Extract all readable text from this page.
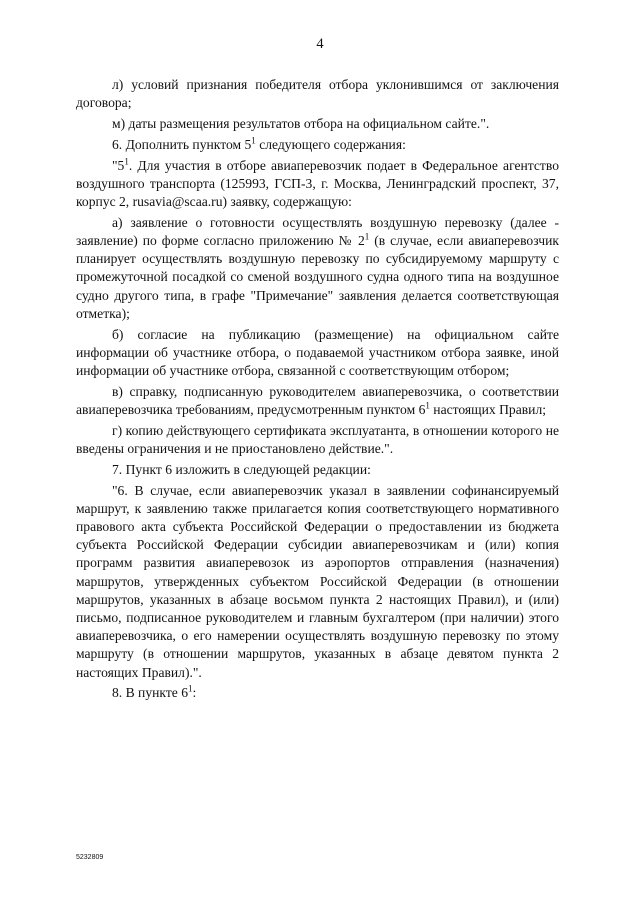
4

л) условий признания победителя отбора уклонившимся от заключения договора;

м) даты размещения результатов отбора на официальном сайте.".

6. Дополнить пунктом $5^1$ следующего содержания:

"$5^1$. Для участия в отборе авиаперевозчик подает в Федеральное агентство воздушного транспорта (125993, ГСП-3, г. Москва, Ленинградский проспект, 37, корпус 2, rusavia@scaa.ru) заявку, содержащую:

а) заявление о готовности осуществлять воздушную перевозку (далее - заявление) по форме согласно приложению № $2^1$ (в случае, если авиаперевозчик планирует осуществлять воздушную перевозку по субсидируемому маршруту с промежуточной посадкой со сменой воздушного судна одного типа на воздушное судно другого типа, в графе "Примечание" заявления делается соответствующая отметка);

б) согласие на публикацию (размещение) на официальном сайте информации об участнике отбора, о подаваемой участником отбора заявке, иной информации об участнике отбора, связанной с соответствующим отбором;

в) справку, подписанную руководителем авиаперевозчика, о соответствии авиаперевозчика требованиям, предусмотренным пунктом $6^1$ настоящих Правил;

г) копию действующего сертификата эксплуатанта, в отношении которого не введены ограничения и не приостановлено действие.".

7. Пункт 6 изложить в следующей редакции:

"6. В случае, если авиаперевозчик указал в заявлении софинансируемый маршрут, к заявлению также прилагается копия соответствующего нормативного правового акта субъекта Российской Федерации о предоставлении из бюджета субъекта Российской Федерации субсидии авиаперевозчикам и (или) копия программ развития авиаперевозок из аэропортов отправления (назначения) маршрутов, утвержденных субъектом Российской Федерации (в отношении маршрутов, указанных в абзаце восьмом пункта 2 настоящих Правил), и (или) письмо, подписанное руководителем и главным бухгалтером (при наличии) этого авиаперевозчика, о его намерении осуществлять воздушную перевозку по этому маршруту (в отношении маршрутов, указанных в абзаце девятом пункта 2 настоящих Правил).".

8. В пункте $6^1$:

5232809
